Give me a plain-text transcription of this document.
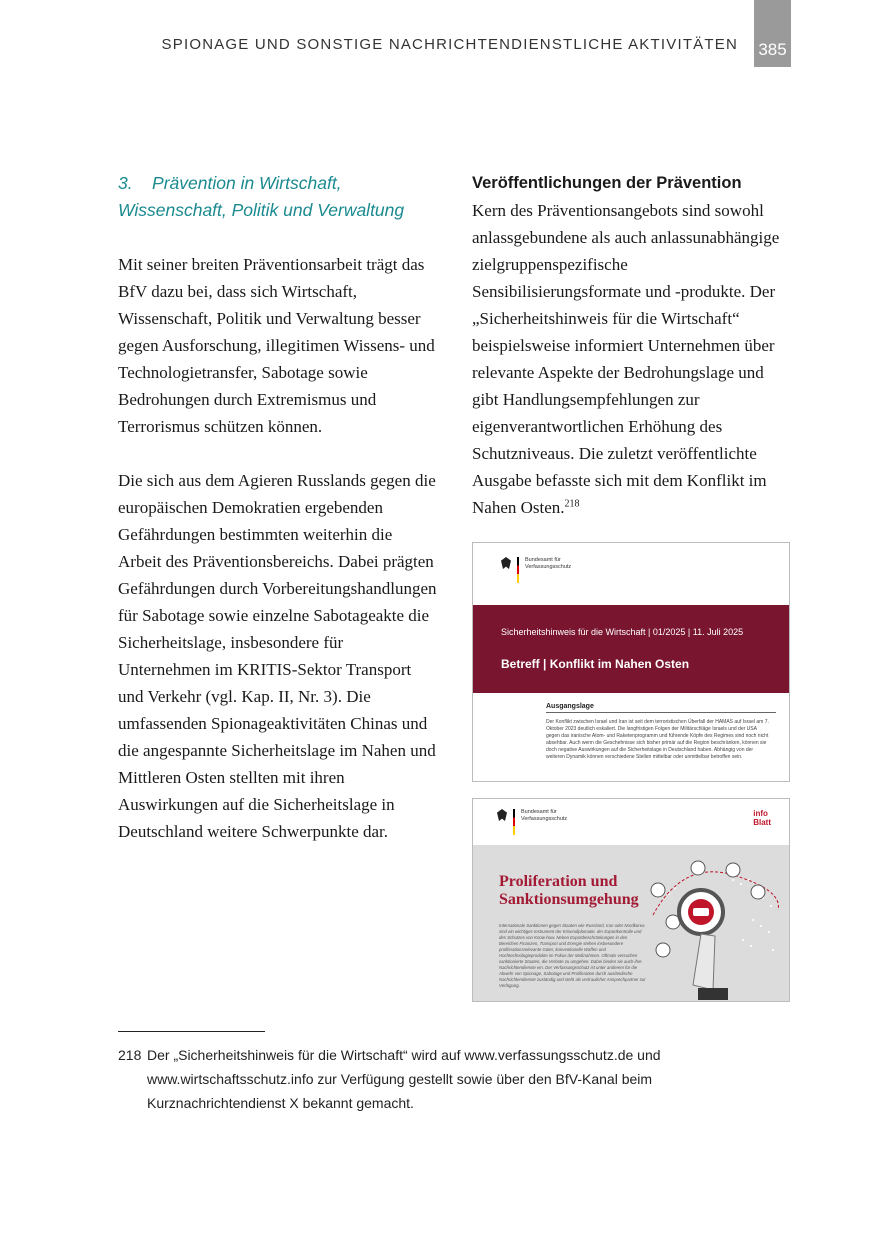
SPIONAGE UND SONSTIGE NACHRICHTENDIENSTLICHE AKTIVITÄTEN 385
3.    Prävention in Wirtschaft,
Wissenschaft, Politik und Verwaltung

Mit seiner breiten Präventionsarbeit trägt das BfV dazu bei, dass sich Wirtschaft, Wissenschaft, Politik und Verwaltung besser gegen Ausforschung, illegitimen Wissens- und Technologietransfer, Sabotage sowie Bedrohungen durch Extremismus und Terrorismus schützen können.

Die sich aus dem Agieren Russlands gegen die europäischen Demokratien ergebenden Gefährdungen bestimmten weiterhin die Arbeit des Präventionsbereichs. Dabei prägten Gefährdungen durch Vorbereitungshandlungen für Sabotage sowie einzelne Sabotageakte die Sicherheitslage, insbesondere für Unternehmen im KRITIS-Sektor Transport und Verkehr (vgl. Kap. II, Nr. 3). Die umfassenden Spionageaktivitäten Chinas und die angespannte Sicherheitslage im Nahen und Mittleren Osten stellten mit ihren Auswirkungen auf die Sicherheitslage in Deutschland weitere Schwerpunkte dar.

Veröffentlichungen der Prävention

Kern des Präventionsangebots sind sowohl anlassgebundene als auch anlassunabhängige zielgruppenspezifische Sensibilisierungsformate und -produkte. Der „Sicherheitshinweis für die Wirtschaft“ beispielsweise informiert Unternehmen über relevante Aspekte der Bedrohungslage und gibt Handlungsempfehlungen zur eigenverantwortlichen Erhöhung des Schutzniveaus. Die zuletzt veröffentlichte Ausgabe befasste sich mit dem Konflikt im Nahen Osten.$^{218}$

Bundesamt für
Verfassungsschutz
Sicherheitshinweis für die Wirtschaft | 01/2025 | 11. Juli 2025
Betreff | Konflikt im Nahen Osten
Ausgangslage
Der Konflikt zwischen Israel und Iran ist seit dem terroristischen Überfall der HAMAS auf Israel am 7. Oktober 2023 deutlich eskaliert. Die langfristigen Folgen der Militärschläge Israels und der USA gegen das iranische Atom- und Raketenprogramm und führende Köpfe des Regimes sind noch nicht absehbar. Auch wenn die Geschehnisse sich bisher primär auf die Region beschränken, können sie doch negative Auswirkungen auf die Sicherheitslage in Deutschland haben. Abhängig von der weiteren Dynamik können verschiedene Stellen mittelbar oder unmittelbar betroffen sein.
Bundesamt für
Verfassungsschutz
info
Blatt
Proliferation und
Sanktionsumgehung
Internationale Sanktionen gegen Staaten wie Russland, Iran oder Nordkorea sind ein wichtiges Instrument der Krisendiplomatie, der Exportkontrolle und des Schutzes von Know-how. Neben Exportbeschränkungen in den Bereichen Finanzen, Transport und Energie stehen insbesondere proliferationsrelevante Güter, konventionelle Waffen und Hochtechnologieprodukte im Fokus der Maßnahmen. Oftmals versuchen sanktionierte Staaten, die Verbote zu umgehen. Dabei binden sie auch ihre Nachrichtendienste ein. Der Verfassungsschutz ist unter anderem für die Abwehr von Spionage, Sabotage und Proliferation durch ausländische Nachrichtendienste zuständig und steht als vertraulicher Ansprechpartner zur Verfügung.
218 Der „Sicherheitshinweis für die Wirtschaft“ wird auf www.verfassungsschutz.de und www.wirtschaftsschutz.info zur Verfügung gestellt sowie über den BfV-Kanal beim Kurznachrichtendienst X bekannt gemacht.
